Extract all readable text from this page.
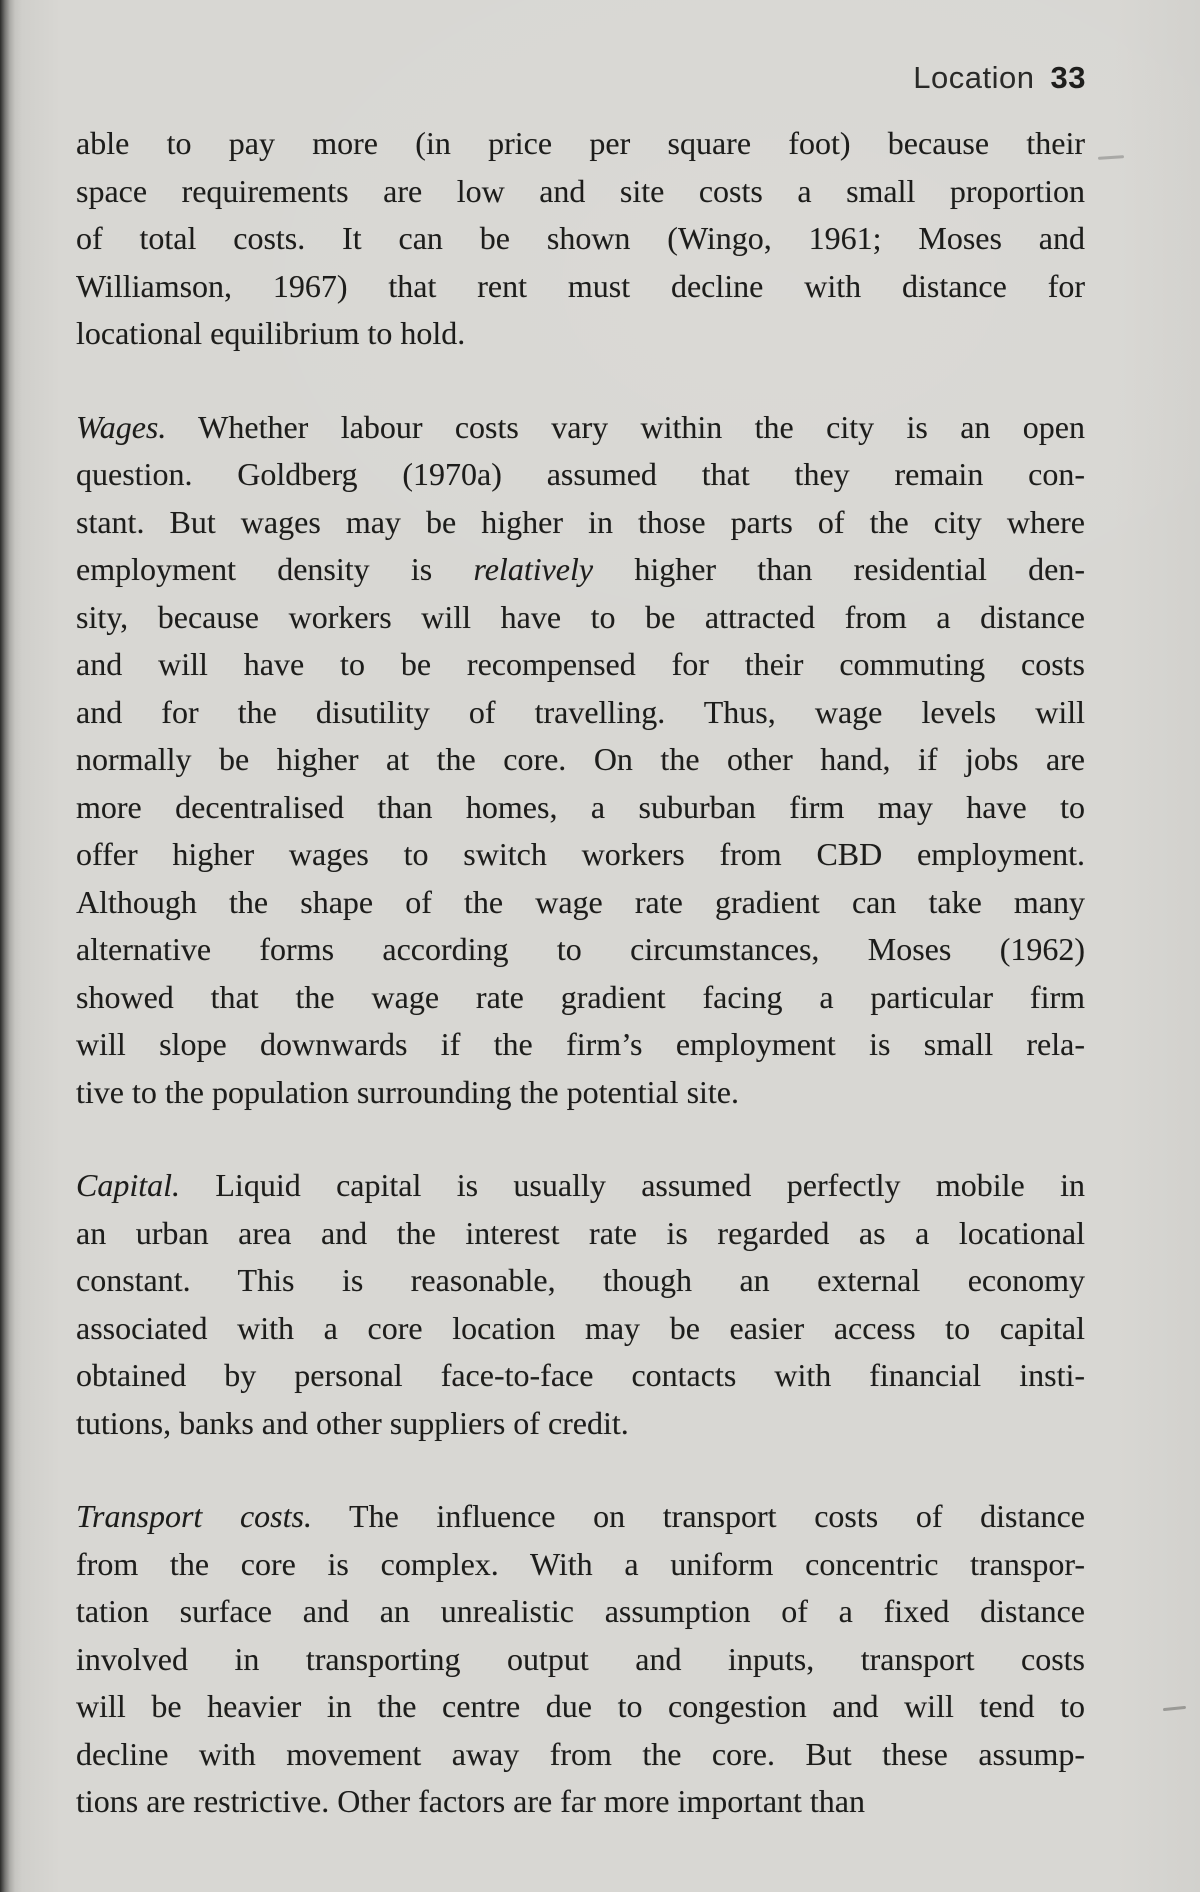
Location 33
able to pay more (in price per square foot) because their
space requirements are low and site costs a small proportion
of total costs. It can be shown (Wingo, 1961; Moses and
Williamson, 1967) that rent must decline with distance for
locational equilibrium to hold.
Wages. Whether labour costs vary within the city is an open
question. Goldberg (1970a) assumed that they remain con-
stant. But wages may be higher in those parts of the city where
employment density is relatively higher than residential den-
sity, because workers will have to be attracted from a distance
and will have to be recompensed for their commuting costs
and for the disutility of travelling. Thus, wage levels will
normally be higher at the core. On the other hand, if jobs are
more decentralised than homes, a suburban firm may have to
offer higher wages to switch workers from CBD employment.
Although the shape of the wage rate gradient can take many
alternative forms according to circumstances, Moses (1962)
showed that the wage rate gradient facing a particular firm
will slope downwards if the firm’s employment is small rela-
tive to the population surrounding the potential site.
Capital. Liquid capital is usually assumed perfectly mobile in
an urban area and the interest rate is regarded as a locational
constant. This is reasonable, though an external economy
associated with a core location may be easier access to capital
obtained by personal face-to-face contacts with financial insti-
tutions, banks and other suppliers of credit.
Transport costs. The influence on transport costs of distance
from the core is complex. With a uniform concentric transpor-
tation surface and an unrealistic assumption of a fixed distance
involved in transporting output and inputs, transport costs
will be heavier in the centre due to congestion and will tend to
decline with movement away from the core. But these assump-
tions are restrictive. Other factors are far more important than
